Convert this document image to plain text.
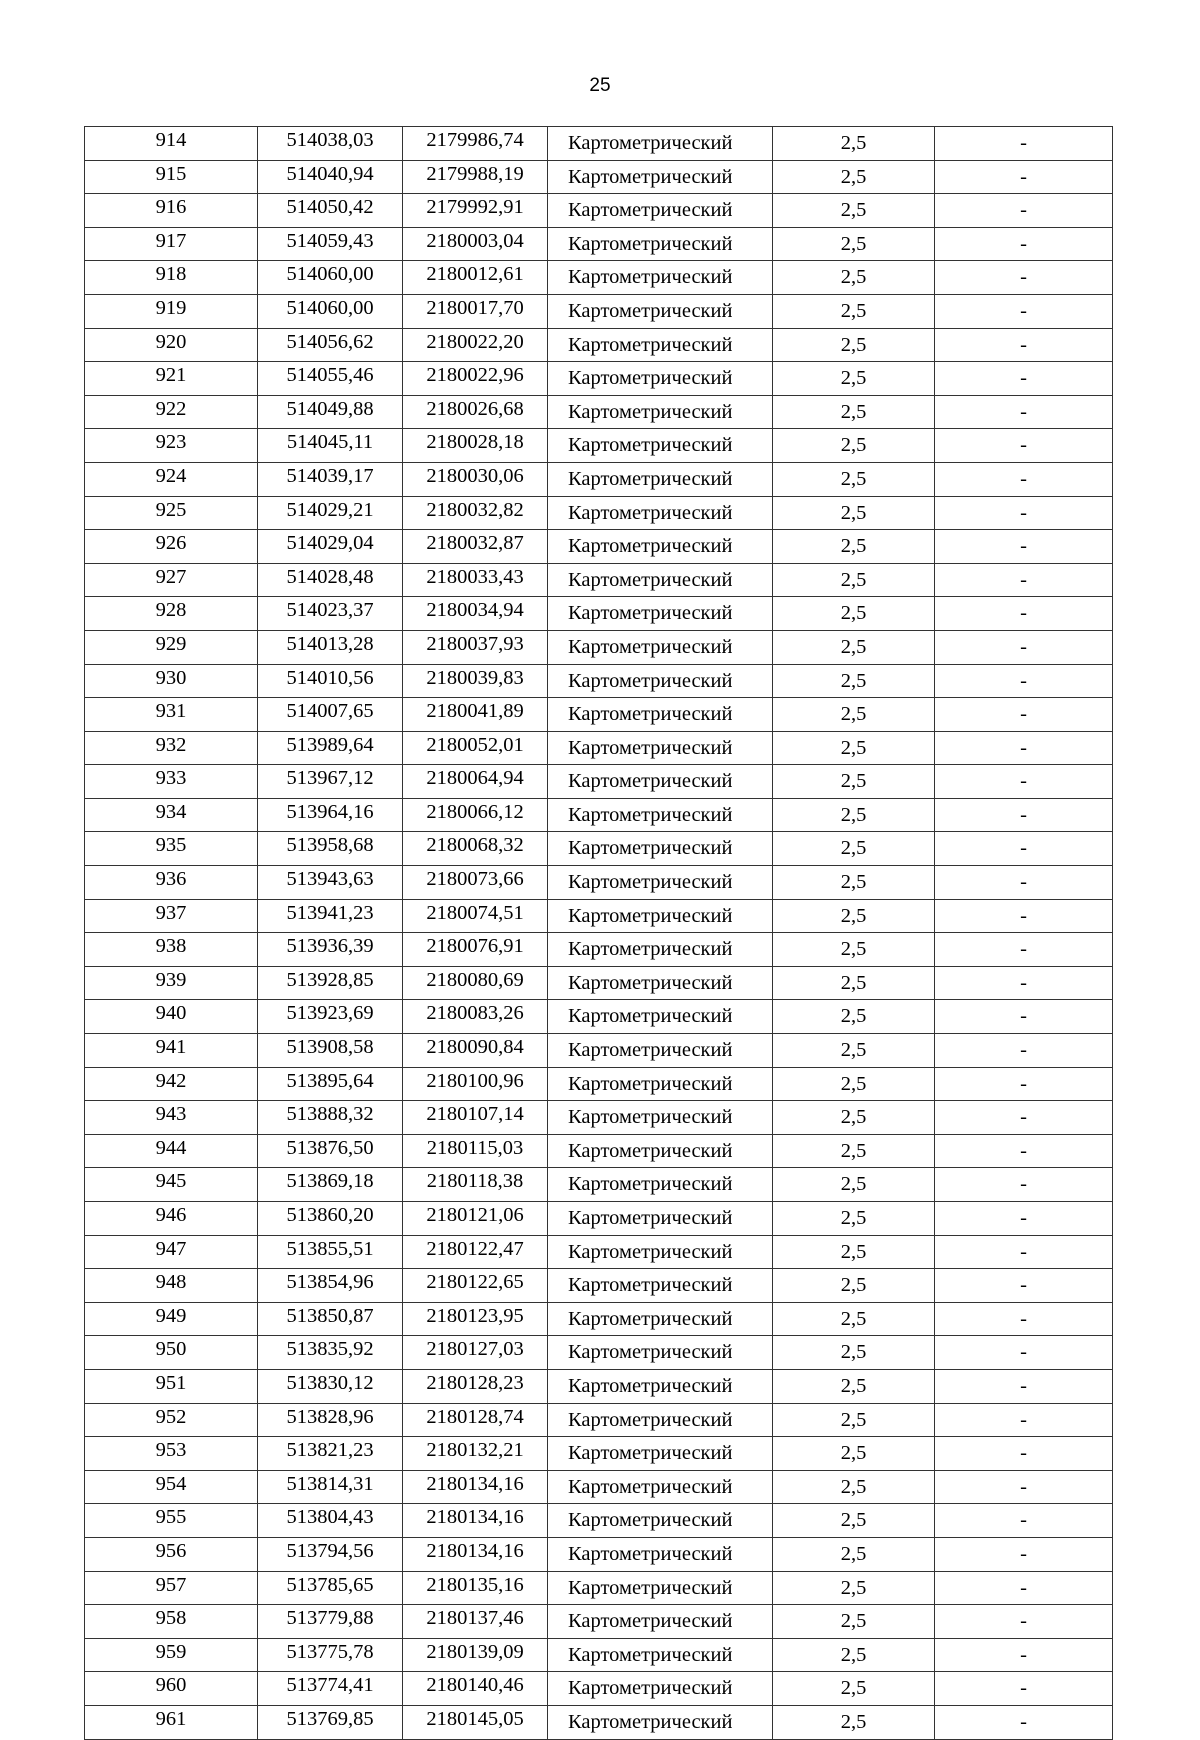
25
914	514038,03	2179986,74	Картометрический	2,5	-
915	514040,94	2179988,19	Картометрический	2,5	-
916	514050,42	2179992,91	Картометрический	2,5	-
917	514059,43	2180003,04	Картометрический	2,5	-
918	514060,00	2180012,61	Картометрический	2,5	-
919	514060,00	2180017,70	Картометрический	2,5	-
920	514056,62	2180022,20	Картометрический	2,5	-
921	514055,46	2180022,96	Картометрический	2,5	-
922	514049,88	2180026,68	Картометрический	2,5	-
923	514045,11	2180028,18	Картометрический	2,5	-
924	514039,17	2180030,06	Картометрический	2,5	-
925	514029,21	2180032,82	Картометрический	2,5	-
926	514029,04	2180032,87	Картометрический	2,5	-
927	514028,48	2180033,43	Картометрический	2,5	-
928	514023,37	2180034,94	Картометрический	2,5	-
929	514013,28	2180037,93	Картометрический	2,5	-
930	514010,56	2180039,83	Картометрический	2,5	-
931	514007,65	2180041,89	Картометрический	2,5	-
932	513989,64	2180052,01	Картометрический	2,5	-
933	513967,12	2180064,94	Картометрический	2,5	-
934	513964,16	2180066,12	Картометрический	2,5	-
935	513958,68	2180068,32	Картометрический	2,5	-
936	513943,63	2180073,66	Картометрический	2,5	-
937	513941,23	2180074,51	Картометрический	2,5	-
938	513936,39	2180076,91	Картометрический	2,5	-
939	513928,85	2180080,69	Картометрический	2,5	-
940	513923,69	2180083,26	Картометрический	2,5	-
941	513908,58	2180090,84	Картометрический	2,5	-
942	513895,64	2180100,96	Картометрический	2,5	-
943	513888,32	2180107,14	Картометрический	2,5	-
944	513876,50	2180115,03	Картометрический	2,5	-
945	513869,18	2180118,38	Картометрический	2,5	-
946	513860,20	2180121,06	Картометрический	2,5	-
947	513855,51	2180122,47	Картометрический	2,5	-
948	513854,96	2180122,65	Картометрический	2,5	-
949	513850,87	2180123,95	Картометрический	2,5	-
950	513835,92	2180127,03	Картометрический	2,5	-
951	513830,12	2180128,23	Картометрический	2,5	-
952	513828,96	2180128,74	Картометрический	2,5	-
953	513821,23	2180132,21	Картометрический	2,5	-
954	513814,31	2180134,16	Картометрический	2,5	-
955	513804,43	2180134,16	Картометрический	2,5	-
956	513794,56	2180134,16	Картометрический	2,5	-
957	513785,65	2180135,16	Картометрический	2,5	-
958	513779,88	2180137,46	Картометрический	2,5	-
959	513775,78	2180139,09	Картометрический	2,5	-
960	513774,41	2180140,46	Картометрический	2,5	-
961	513769,85	2180145,05	Картометрический	2,5	-
